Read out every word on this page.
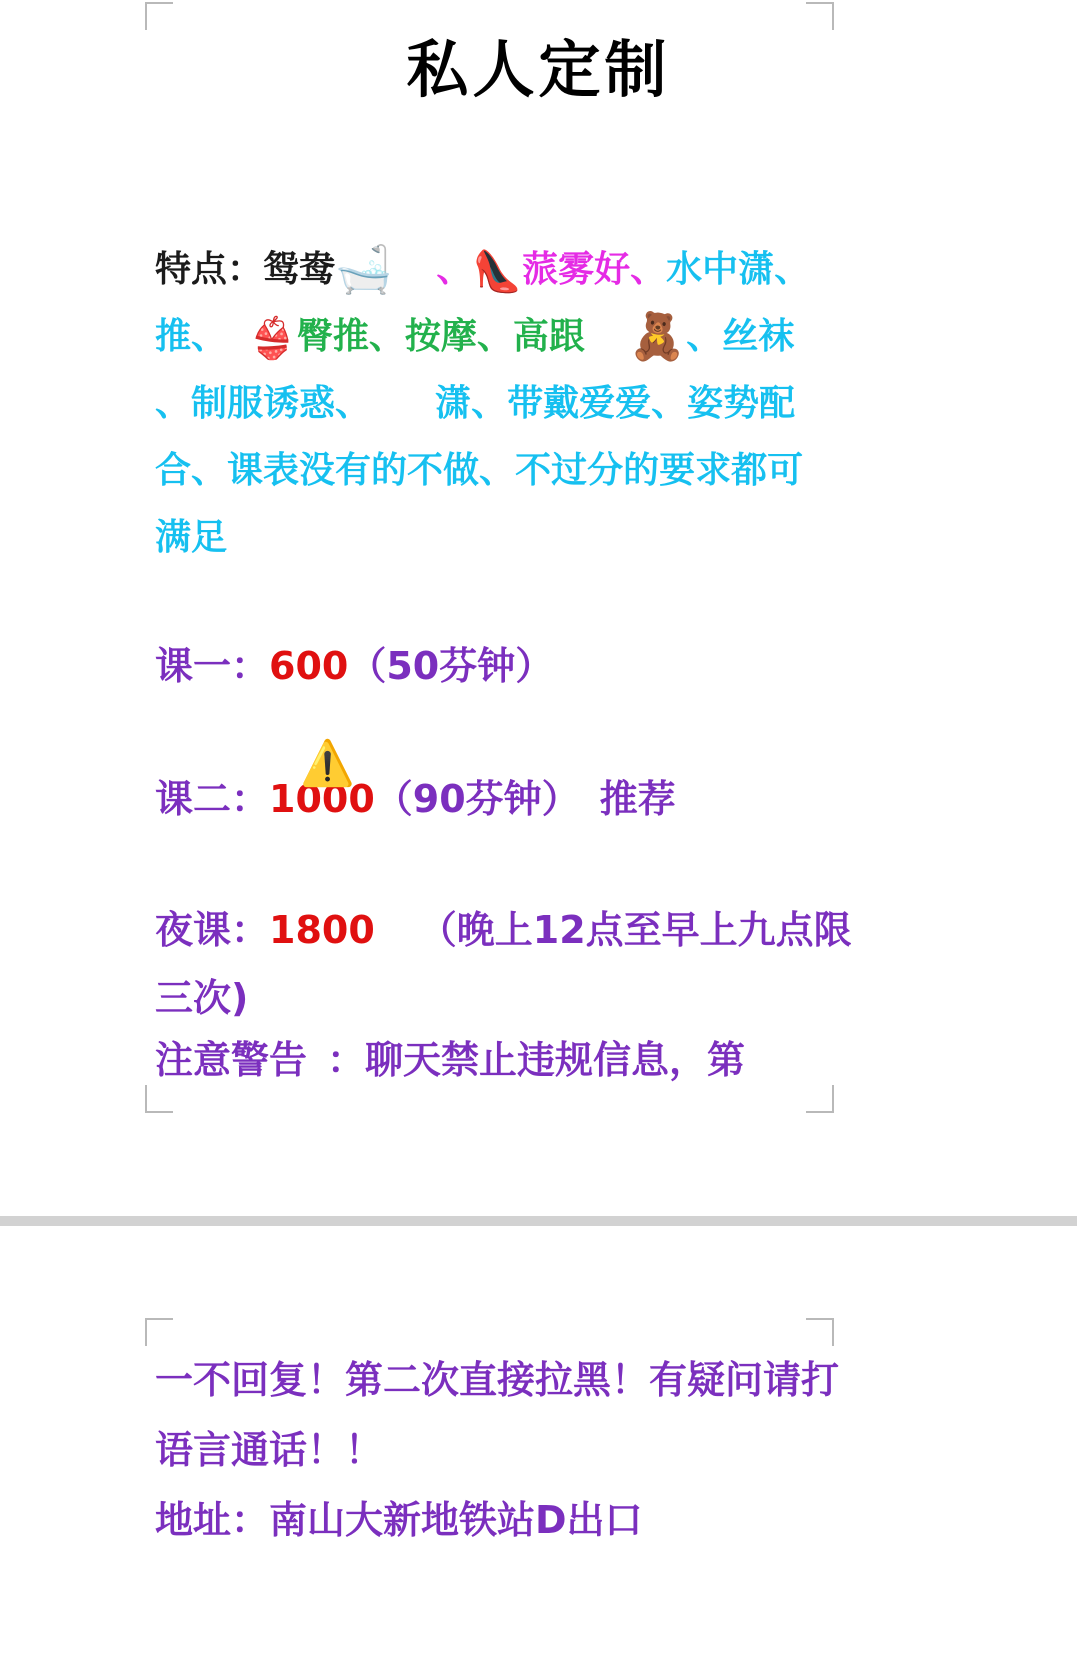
私人定制

特点：鸳鸯🛁 、👠蒎雾好、水中潇、

推、 👙臀推、按摩、高跟 🧸、丝袜

、制服诱惑、 潇、带戴爱爱、姿势配合、课表没有的不做、不过分的要求都可满足

课一：600（50芬钟）
课二：1000（90芬钟） 推荐
⚠️
夜课：1800 （晚上12点至早上九点限三次)
注意警告 ：聊天禁止违规信息，第

一不回复！第二次直接拉黑！有疑问请打语言通话！！

地址：南山大新地铁站D出口
